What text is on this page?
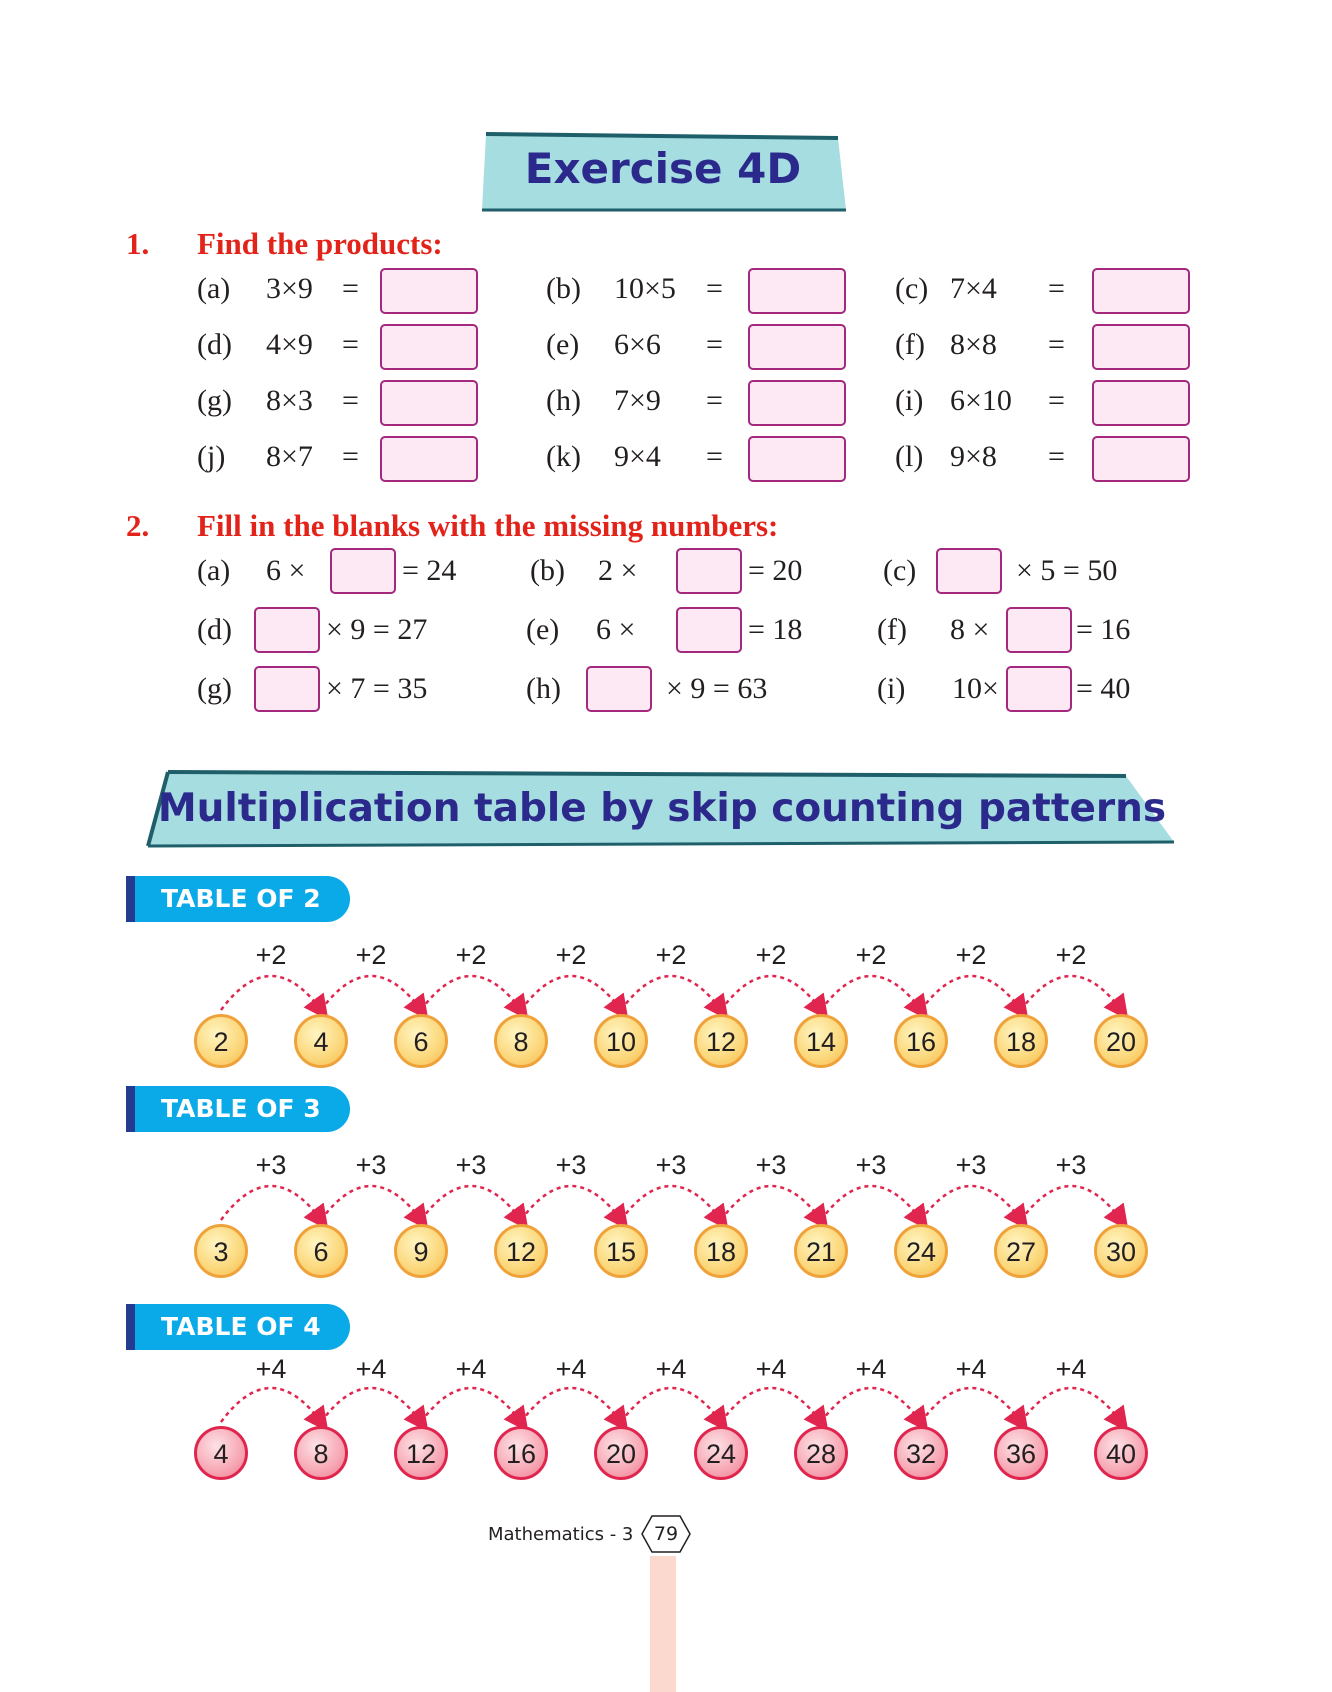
Exercise 4D
1. Find the products:
(a) 3×9 =	(b) 10×5 =	(c) 7×4 =
(d) 4×9 =	(e) 6×6 =	(f) 8×8 =
(g) 8×3 =	(h) 7×9 =	(i) 6×10 =
(j) 8×7 =	(k) 9×4 =	(l) 9×8 =
2. Fill in the blanks with the missing numbers:
(a) 6 ×	= 24 (b) 2 ×	= 20	(c)	× 5 = 50
(d)	× 9 = 27	(e) 6 ×	= 18 (f) 8 ×	= 16
(g)	× 7 = 35	(h)	× 9 = 63	(i) 10×	= 40
Multiplication table by skip counting patterns
TABLE OF 2
+2	+2	+2	+2	+2	+2	+2	+2	+2
2	4	6	8	10	12	14	16	18	20
TABLE OF 3
+3	+3	+3	+3	+3	+3	+3	+3	+3
3	6	9	12	15	18	21	24	27	30
TABLE OF 4
+4	+4	+4	+4	+4	+4	+4	+4	+4
4	8	12	16	20	24	28	32	36	40
Mathematics - 3	79
